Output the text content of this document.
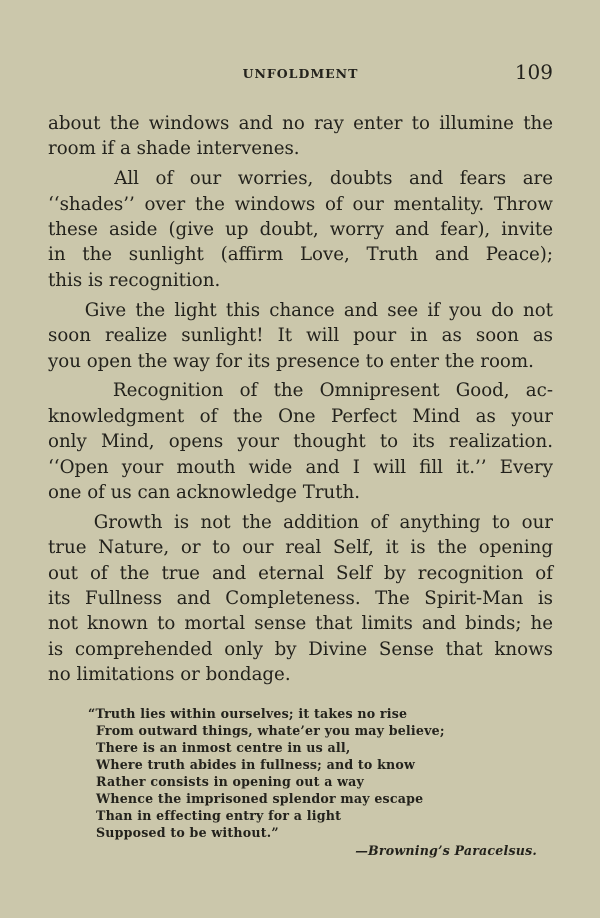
UNFOLDMENT	109

about the windows and no ray enter to illumine the
room if a shade intervenes.

All of our worries, doubts and fears are
‘‘shades’’ over the windows of our mentality. Throw
these aside (give up doubt, worry and fear), invite
in the sunlight (affirm Love, Truth and Peace);
this is recognition.

Give the light this chance and see if you do not
soon realize sunlight! It will pour in as soon as
you open the way for its presence to enter the room.

Recognition of the Omnipresent Good, ac-
knowledgment of the One Perfect Mind as your
only Mind, opens your thought to its realization.
‘‘Open your mouth wide and I will fill it.’’ Every
one of us can acknowledge Truth.

Growth is not the addition of anything to our
true Nature, or to our real Self, it is the opening
out of the true and eternal Self by recognition of
its Fullness and Completeness. The Spirit-Man is
not known to mortal sense that limits and binds; he
is comprehended only by Divine Sense that knows
no limitations or bondage.

“Truth lies within ourselves; it takes no rise
From outward things, whate’er you may believe;
There is an inmost centre in us all,
Where truth abides in fullness; and to know
Rather consists in opening out a way
Whence the imprisoned splendor may escape
Than in effecting entry for a light
Supposed to be without.”
—Browning’s Paracelsus.
